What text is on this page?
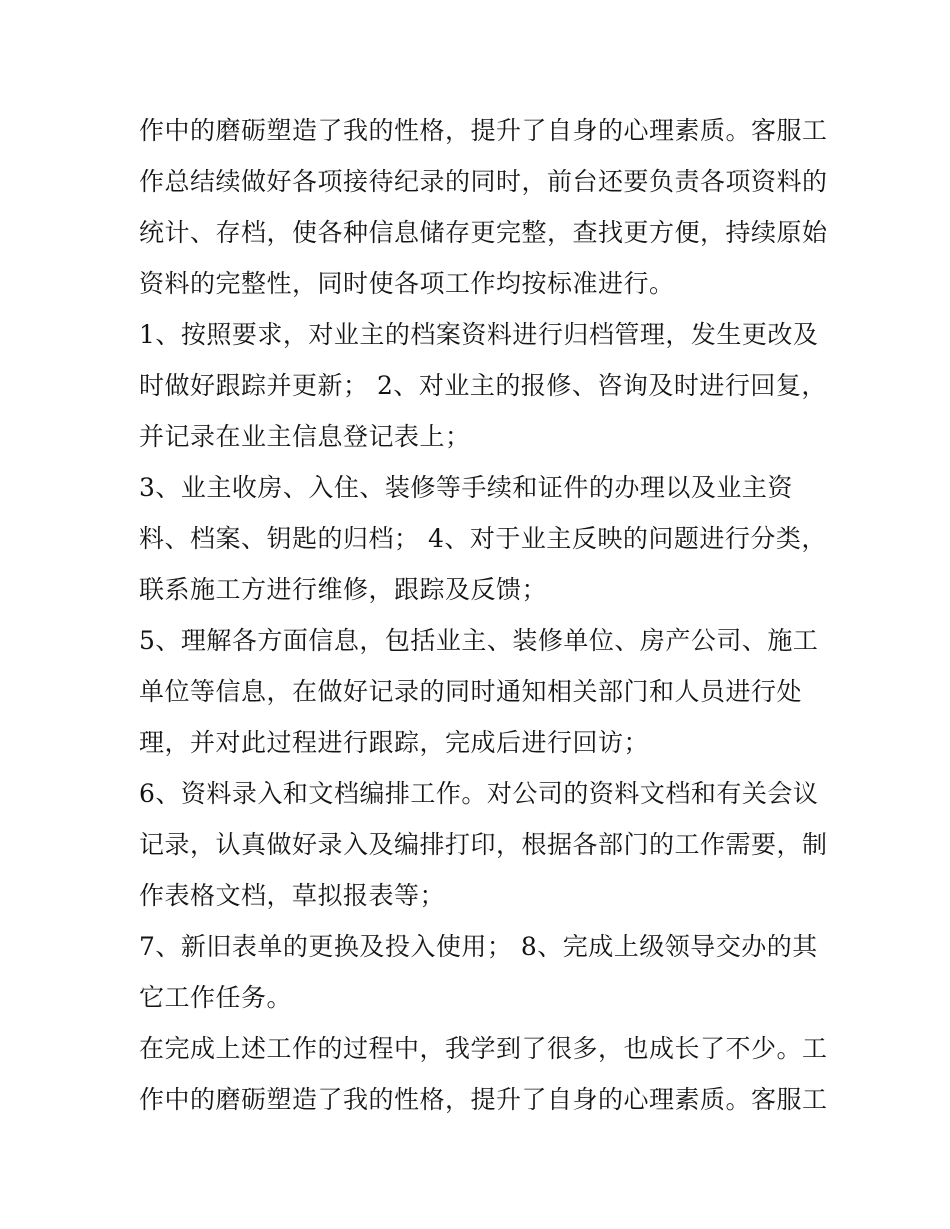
作中的磨砺塑造了我的性格，提升了自身的心理素质。客服工
作总结续做好各项接待纪录的同时，前台还要负责各项资料的
统计、存档，使各种信息储存更完整，查找更方便，持续原始
资料的完整性，同时使各项工作均按标准进行。
1、按照要求，对业主的档案资料进行归档管理，发生更改及
时做好跟踪并更新； 2、对业主的报修、咨询及时进行回复，
并记录在业主信息登记表上；
3、业主收房、入住、装修等手续和证件的办理以及业主资
料、档案、钥匙的归档； 4、对于业主反映的问题进行分类，
联系施工方进行维修，跟踪及反馈；
5、理解各方面信息，包括业主、装修单位、房产公司、施工
单位等信息，在做好记录的同时通知相关部门和人员进行处
理，并对此过程进行跟踪，完成后进行回访；
6、资料录入和文档编排工作。对公司的资料文档和有关会议
记录，认真做好录入及编排打印，根据各部门的工作需要，制
作表格文档，草拟报表等；
7、新旧表单的更换及投入使用； 8、完成上级领导交办的其
它工作任务。
在完成上述工作的过程中，我学到了很多，也成长了不少。工
作中的磨砺塑造了我的性格，提升了自身的心理素质。客服工
